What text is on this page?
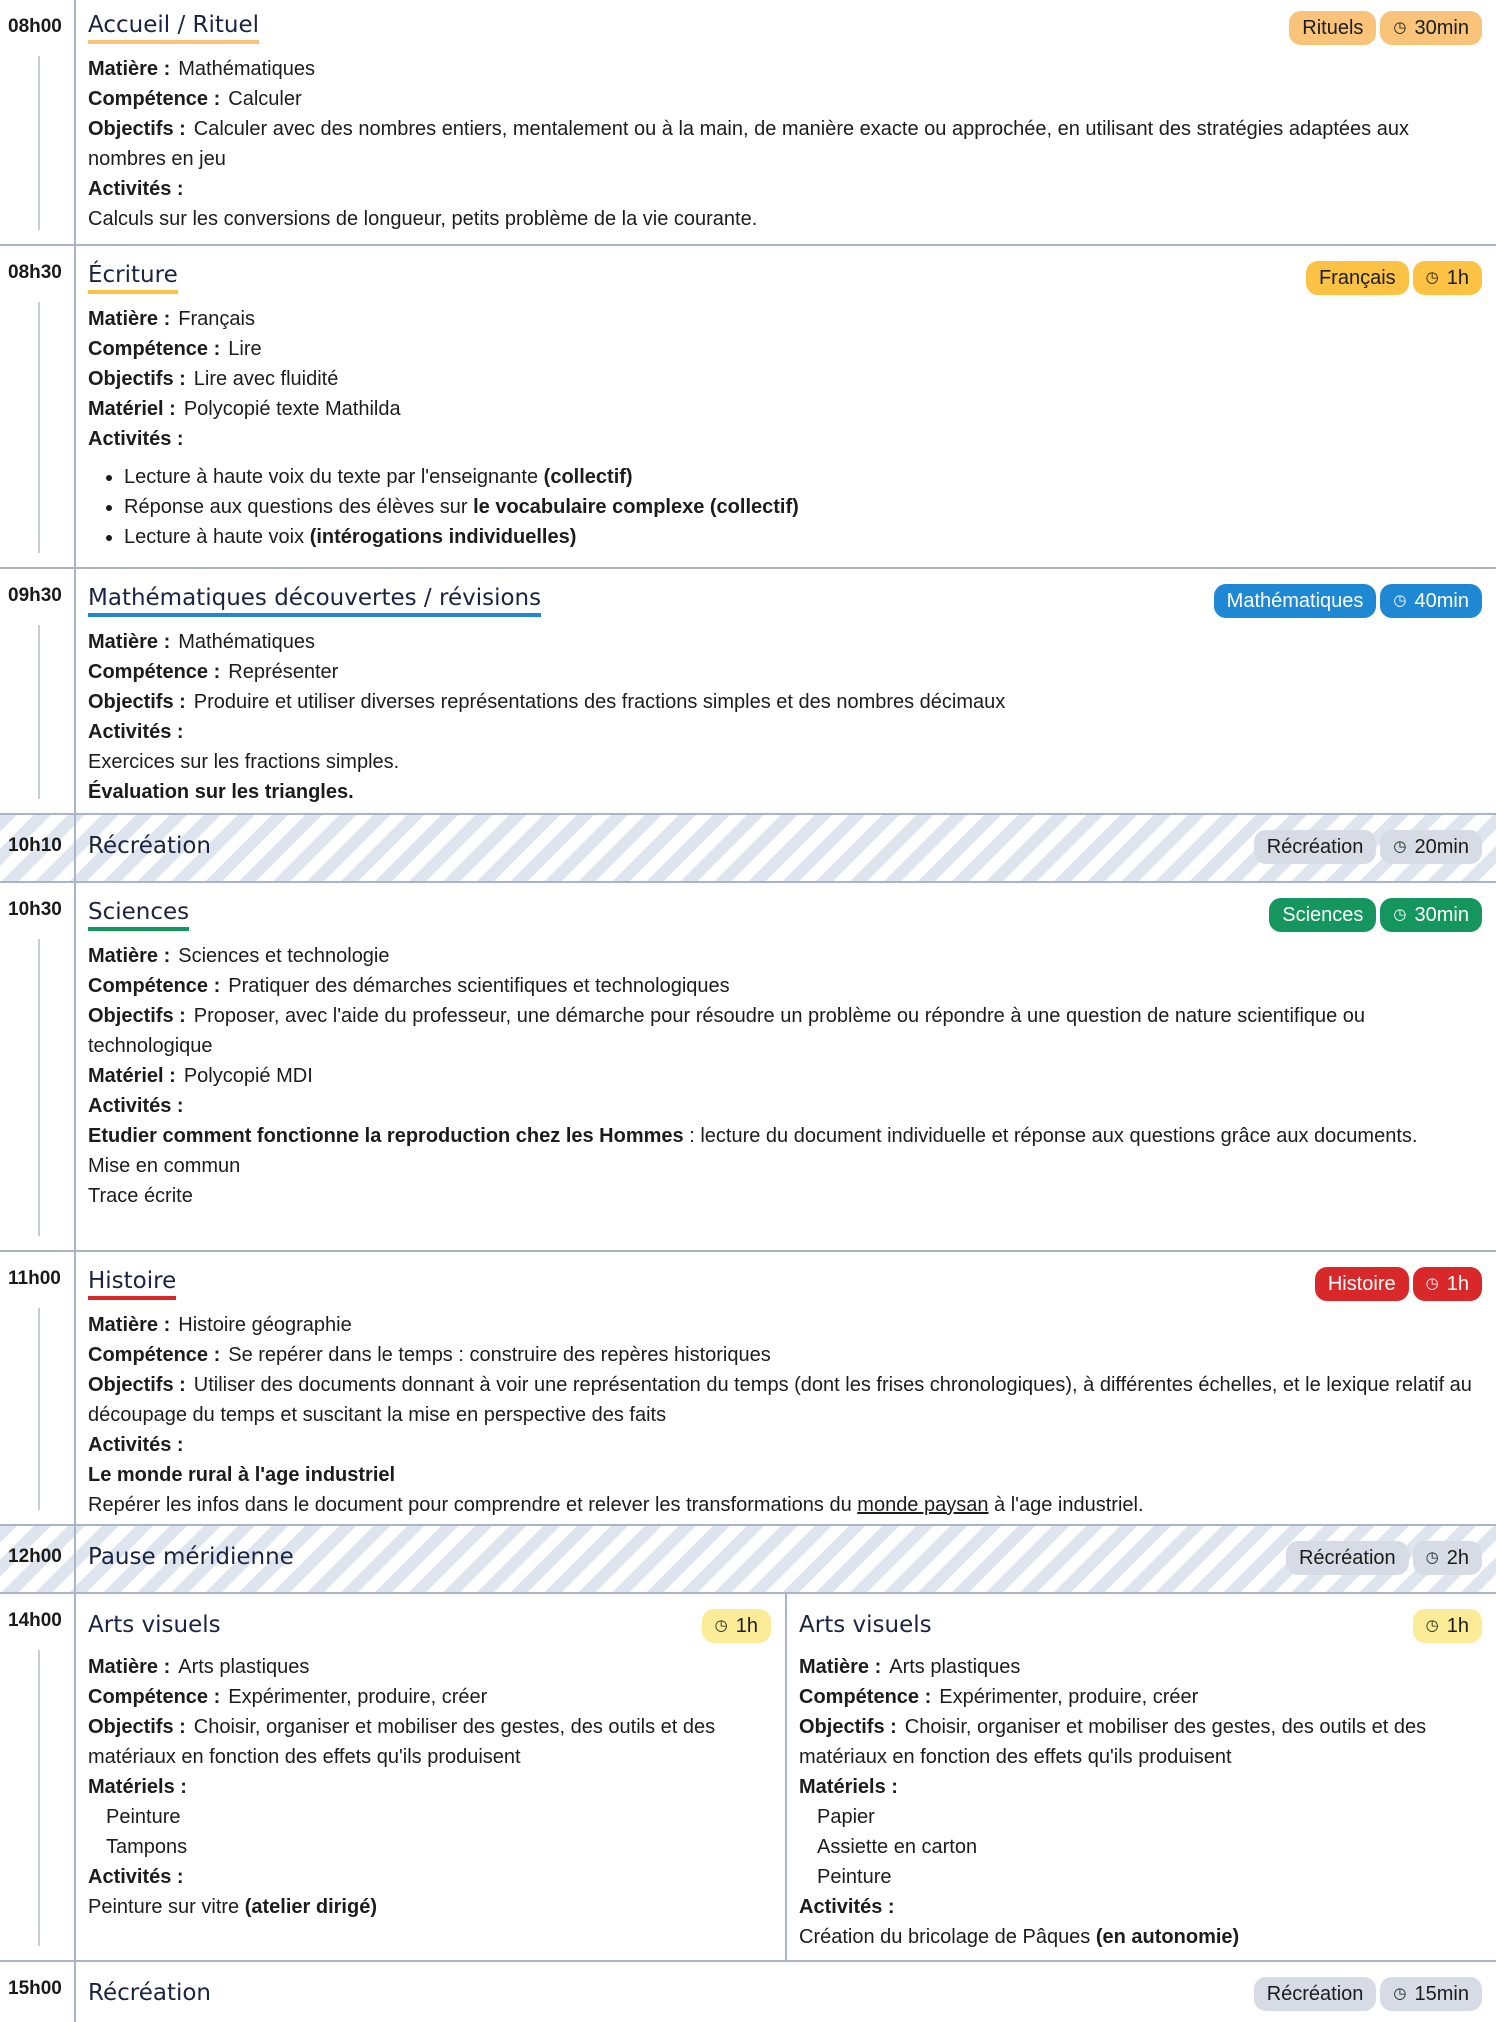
08h00	Accueil / Rituel	Rituels ◷ 30min
Matière : Mathématiques
Compétence : Calculer
Objectifs : Calculer avec des nombres entiers, mentalement ou à la main, de manière exacte ou approchée, en utilisant des stratégies adaptées aux nombres en jeu
Activités :
Calculs sur les conversions de longueur, petits problème de la vie courante.
08h30	Écriture	Français ◷ 1h
Matière : Français
Compétence : Lire
Objectifs : Lire avec fluidité
Matériel : Polycopié texte Mathilda
Activités :
• Lecture à haute voix du texte par l'enseignante (collectif)
• Réponse aux questions des élèves sur le vocabulaire complexe (collectif)
• Lecture à haute voix (intérogations individuelles)
09h30	Mathématiques découvertes / révisions	Mathématiques ◷ 40min
Matière : Mathématiques
Compétence : Représenter
Objectifs : Produire et utiliser diverses représentations des fractions simples et des nombres décimaux
Activités :
Exercices sur les fractions simples.
Évaluation sur les triangles.
10h10	Récréation	Récréation ◷ 20min
10h30	Sciences	Sciences ◷ 30min
Matière : Sciences et technologie
Compétence : Pratiquer des démarches scientifiques et technologiques
Objectifs : Proposer, avec l'aide du professeur, une démarche pour résoudre un problème ou répondre à une question de nature scientifique ou technologique
Matériel : Polycopié MDI
Activités :
Etudier comment fonctionne la reproduction chez les Hommes : lecture du document individuelle et réponse aux questions grâce aux documents.
Mise en commun
Trace écrite
11h00	Histoire	Histoire ◷ 1h
Matière : Histoire géographie
Compétence : Se repérer dans le temps : construire des repères historiques
Objectifs : Utiliser des documents donnant à voir une représentation du temps (dont les frises chronologiques), à différentes échelles, et le lexique relatif au découpage du temps et suscitant la mise en perspective des faits
Activités :
Le monde rural à l'age industriel
Repérer les infos dans le document pour comprendre et relever les transformations du monde paysan à l'age industriel.
12h00	Pause méridienne	Récréation ◷ 2h
14h00	Arts visuels	◷ 1h
Matière : Arts plastiques
Compétence : Expérimenter, produire, créer
Objectifs : Choisir, organiser et mobiliser des gestes, des outils et des matériaux en fonction des effets qu'ils produisent
Matériels :
Peinture
Tampons
Activités :
Peinture sur vitre (atelier dirigé)
Arts visuels	◷ 1h
Matière : Arts plastiques
Compétence : Expérimenter, produire, créer
Objectifs : Choisir, organiser et mobiliser des gestes, des outils et des matériaux en fonction des effets qu'ils produisent
Matériels :
Papier
Assiette en carton
Peinture
Activités :
Création du bricolage de Pâques (en autonomie)
15h00	Récréation	Récréation ◷ 15min
